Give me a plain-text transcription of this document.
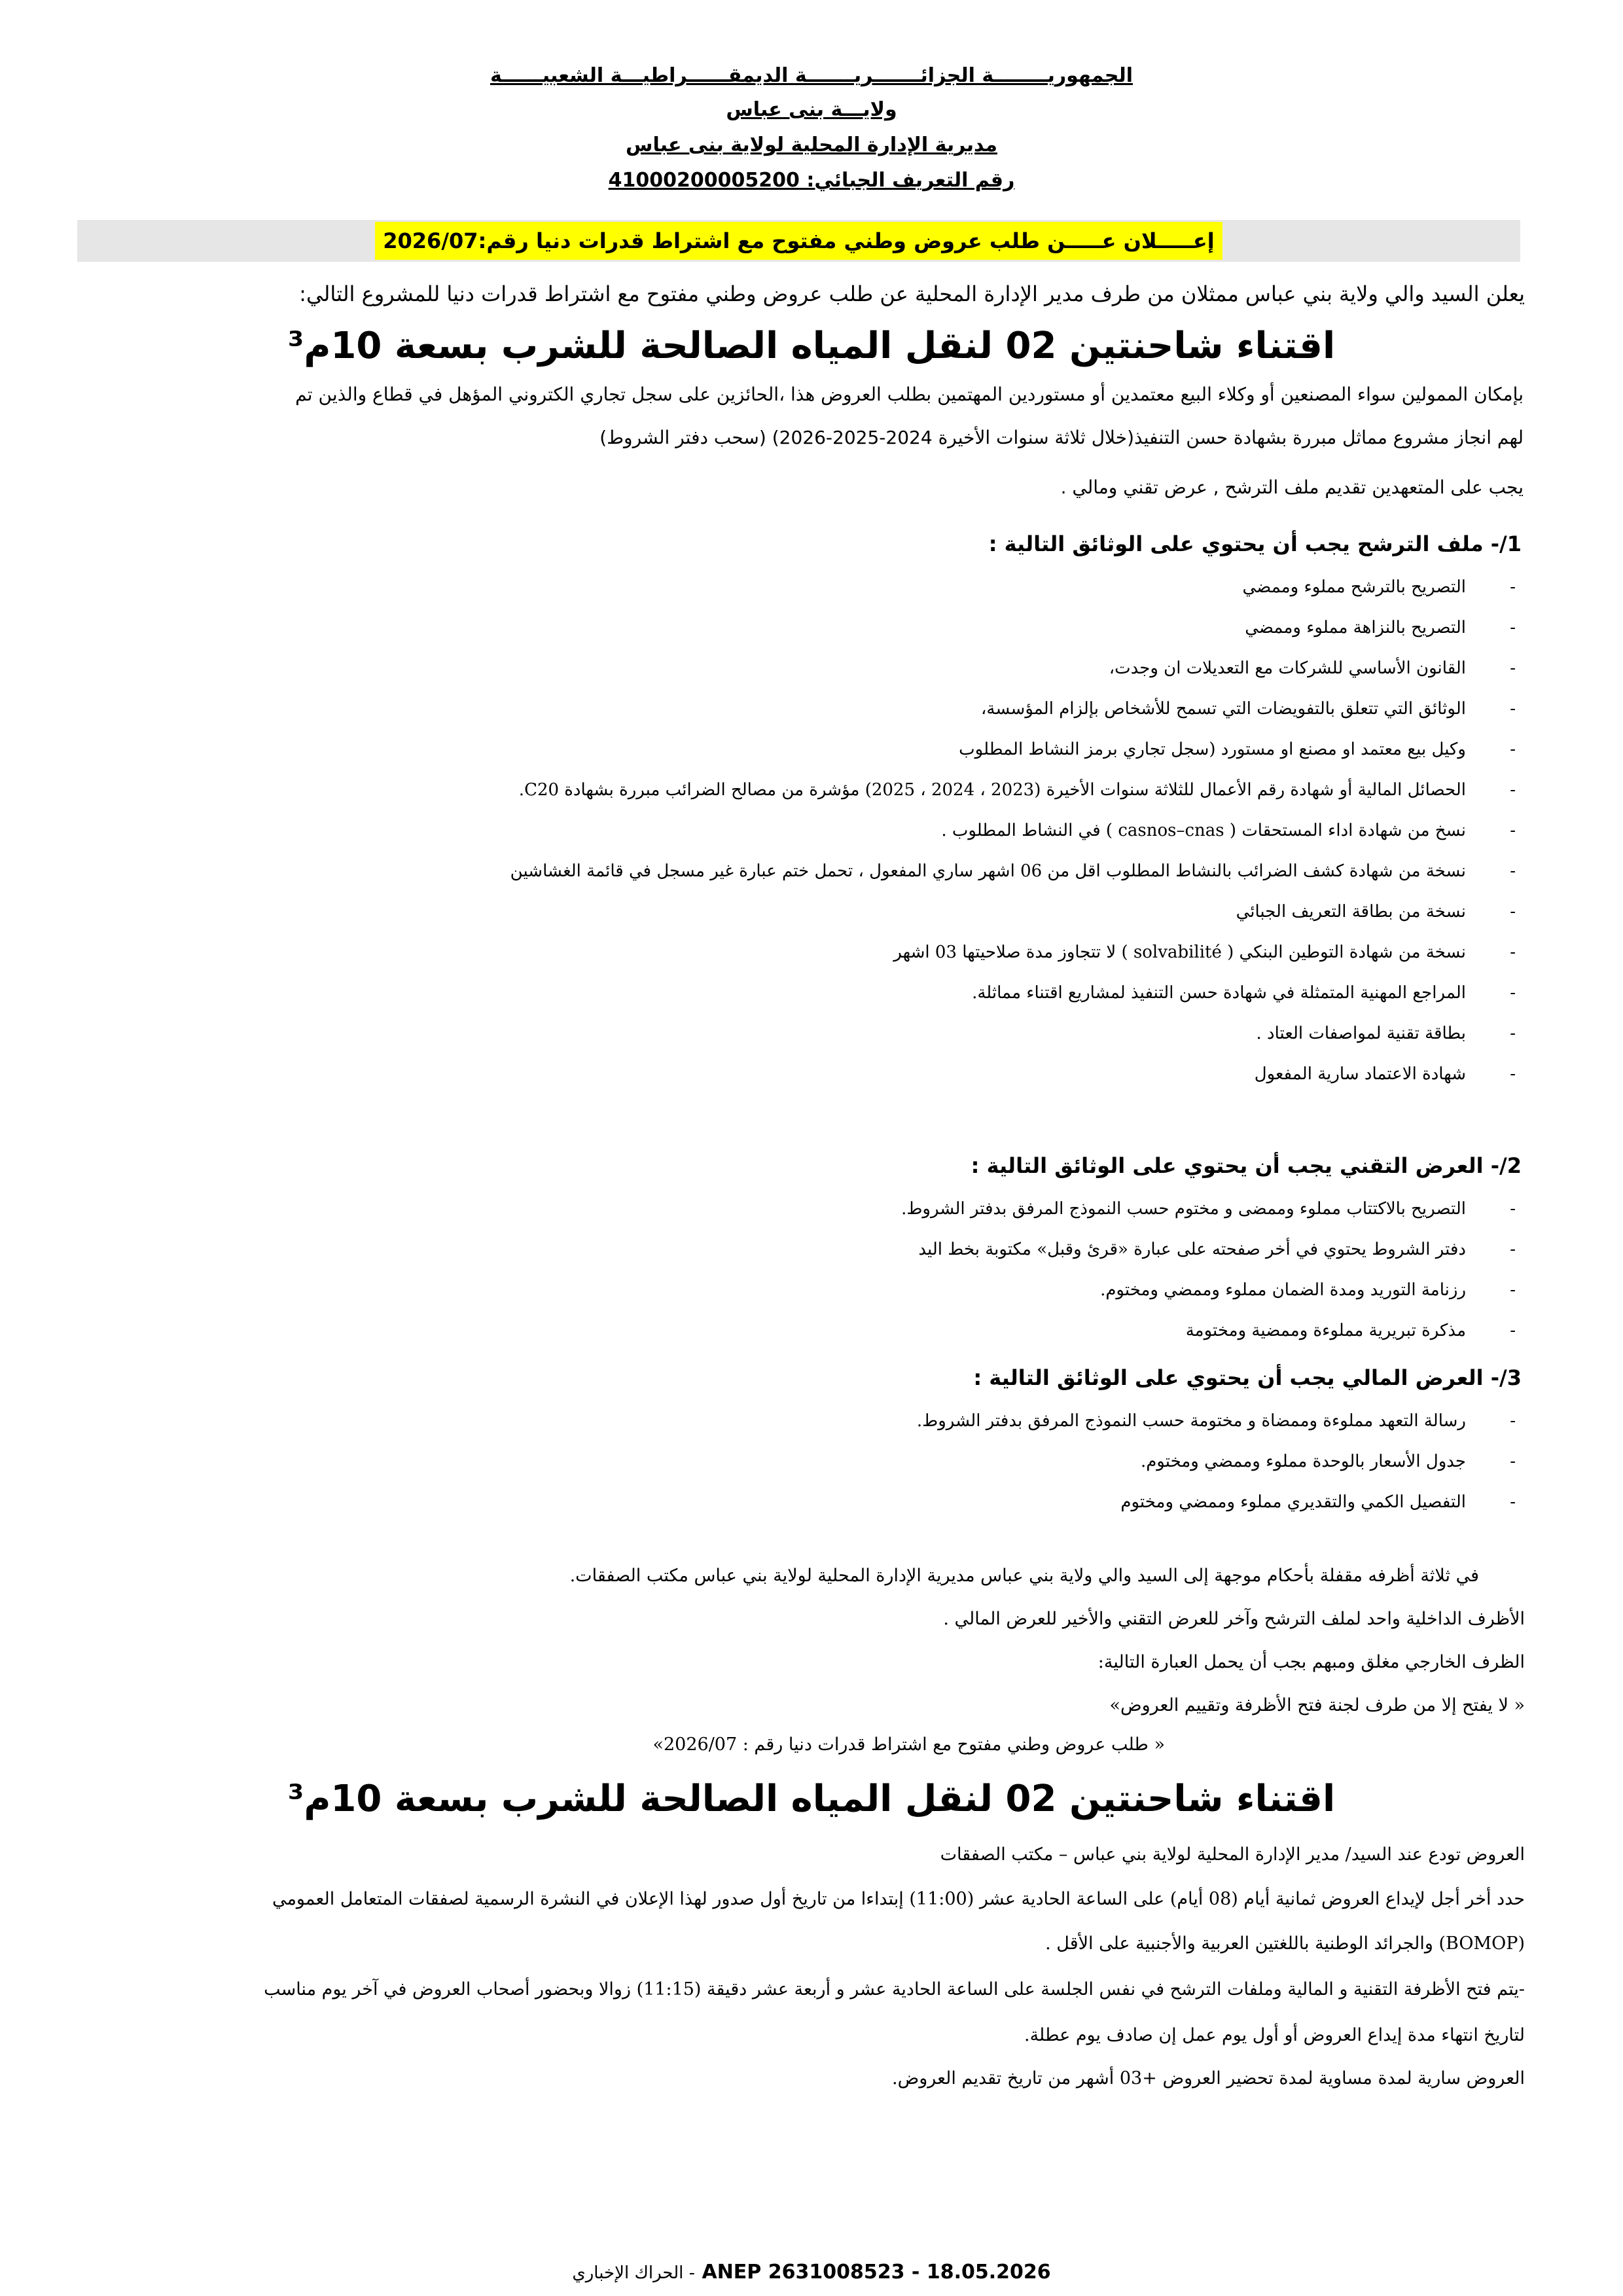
الجمهوريــــــــة الجزائـــــــريـــــــة الديمقــــــراطيـــة الشعبيــــــة
ولايـــة بنى عباس
مديرية الإدارة المحلية لولاية بنى عباس
رقم التعريف الجبائي: 41000200005200
إعـــــلان عـــــن طلب عروض وطني مفتوح مع اشتراط قدرات دنيا رقم:2026/07
يعلن السيد والي ولاية بني عباس ممثلان من طرف مدير الإدارة المحلية عن طلب عروض وطني مفتوح مع اشتراط قدرات دنيا للمشروع التالي:
اقتناء شاحنتين 02 لنقل المياه الصالحة للشرب بسعة 10م³
بإمكان الممولين سواء المصنعين أو وكلاء البيع معتمدين أو مستوردين المهتمين بطلب العروض هذا ،الحائزين على سجل تجاري الكتروني المؤهل في قطاع والذين تم
لهم انجاز مشروع مماثل مبررة بشهادة حسن التنفيذ(خلال ثلاثة سنوات الأخيرة 2024-2025-2026) (سحب دفتر الشروط)
يجب على المتعهدين تقديم ملف الترشح , عرض تقني ومالي .
1/- ملف الترشح يجب أن يحتوي على الوثائق التالية :
- التصريح بالترشح مملوء وممضي
- التصريح بالنزاهة مملوء وممضي
- القانون الأساسي للشركات مع التعديلات ان وجدت،
- الوثائق التي تتعلق بالتفويضات التي تسمح للأشخاص بإلزام المؤسسة،
- وكيل بيع معتمد او مصنع او مستورد (سجل تجاري برمز النشاط المطلوب
- الحصائل المالية أو شهادة رقم الأعمال للثلاثة سنوات الأخيرة (2023 ، 2024 ، 2025) مؤشرة من مصالح الضرائب مبررة بشهادة C20.
- نسخ من شهادة اداء المستحقات ( casnos–cnas ) في النشاط المطلوب .
- نسخة من شهادة كشف الضرائب بالنشاط المطلوب اقل من 06 اشهر ساري المفعول ، تحمل ختم عبارة غير مسجل في قائمة الغشاشين
- نسخة من بطاقة التعريف الجبائي
- نسخة من شهادة التوطين البنكي ( solvabilité ) لا تتجاوز مدة صلاحيتها 03 اشهر
- المراجع المهنية المتمثلة في شهادة حسن التنفيذ لمشاريع اقتناء مماثلة.
- بطاقة تقنية لمواصفات العتاد .
- شهادة الاعتماد سارية المفعول
2/- العرض التقني يجب أن يحتوي على الوثائق التالية :
- التصريح بالاكتتاب مملوء وممضى و مختوم حسب النموذج المرفق بدفتر الشروط.
- دفتر الشروط يحتوي في أخر صفحته على عبارة «قرئ وقبل» مكتوبة بخط اليد
- رزنامة التوريد ومدة الضمان مملوء وممضي ومختوم.
- مذكرة تبريرية مملوءة وممضية ومختومة
3/- العرض المالي يجب أن يحتوي على الوثائق التالية :
- رسالة التعهد مملوءة وممضاة و مختومة حسب النموذج المرفق بدفتر الشروط.
- جدول الأسعار بالوحدة مملوء وممضي ومختوم.
- التفصيل الكمي والتقديري مملوء وممضي ومختوم
في ثلاثة أظرفه مقفلة بأحكام موجهة إلى السيد والي ولاية بني عباس مديرية الإدارة المحلية لولاية بني عباس مكتب الصفقات.
الأظرف الداخلية واحد لملف الترشح وآخر للعرض التقني والأخير للعرض المالي .
الظرف الخارجي مغلق ومبهم بجب أن يحمل العبارة التالية:
« لا يفتح إلا من طرف لجنة فتح الأظرفة وتقييم العروض»
« طلب عروض وطني مفتوح مع اشتراط قدرات دنيا رقم : 2026/07»
اقتناء شاحنتين 02 لنقل المياه الصالحة للشرب بسعة 10م³
العروض تودع عند السيد/ مدير الإدارة المحلية لولاية بني عباس – مكتب الصفقات
حدد أخر أجل لإيداع العروض ثمانية أيام (08 أيام) على الساعة الحادية عشر (11:00) إبتداءا من تاريخ أول صدور لهذا الإعلان في النشرة الرسمية لصفقات المتعامل العمومي
(BOMOP) والجرائد الوطنية باللغتين العربية والأجنبية على الأقل .
-يتم فتح الأظرفة التقنية و المالية وملفات الترشح في نفس الجلسة على الساعة الحادية عشر و أربعة عشر دقيقة (11:15) زوالا وبحضور أصحاب العروض في آخر يوم مناسب
لتاريخ انتهاء مدة إيداع العروض أو أول يوم عمل إن صادف يوم عطلة.
العروض سارية لمدة مساوية لمدة تحضير العروض +03 أشهر من تاريخ تقديم العروض.
الحراك الإخباري - ANEP 2631008523 - 18.05.2026
